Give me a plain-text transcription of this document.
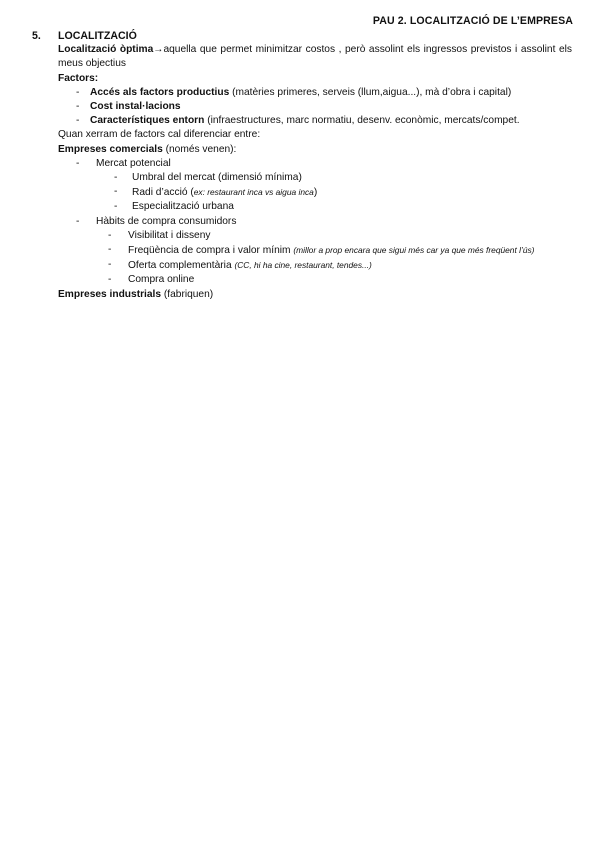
PAU 2. LOCALITZACIÓ DE L’EMPRESA
5.	LOCALITZACIÓ
Localització òptima→aquella que permet minimitzar costos , però assolint els ingressos previstos i assolint els meus objectius
Factors:
-	Accés als factors productius (matèries primeres, serveis (llum,aigua...), mà d’obra i capital)
-	Cost instal·lacions
-	Característiques entorn (infraestructures, marc normatiu, desenv. econòmic, mercats/compet.
Quan xerram de factors cal diferenciar entre:
Empreses comercials (només venen):
-	Mercat potencial
-	Umbral del mercat (dimensió mínima)
-	Radi d’acció (ex: restaurant inca vs aigua inca)
-	Especialització urbana
-	Hàbits de compra consumidors
-	Visibilitat i disseny
-	Freqüència de compra i valor mínim (millor a prop encara que sigui més car ya que més freqüent l’ús)
-	Oferta complementària (CC, hi ha cine, restaurant, tendes...)
-	Compra online
Empreses industrials (fabriquen)
